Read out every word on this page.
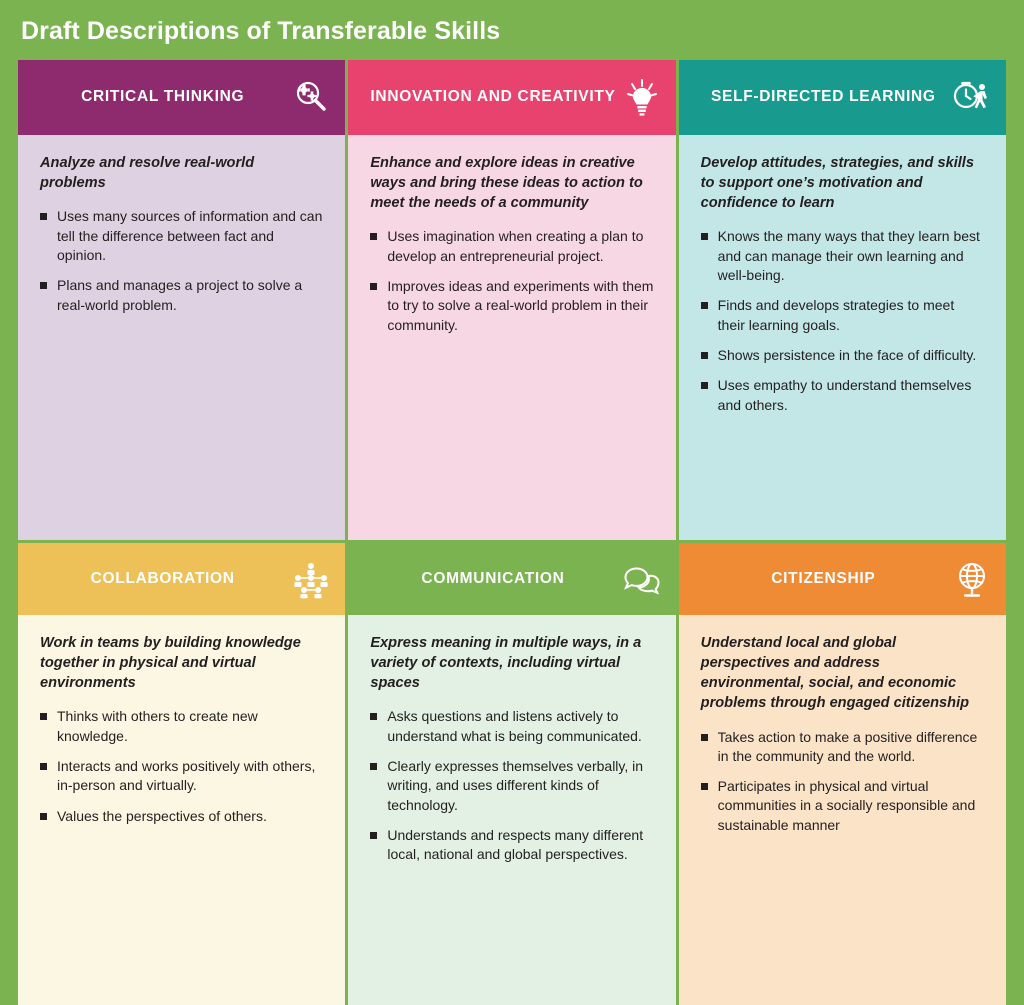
Draft Descriptions of Transferable Skills
CRITICAL THINKING

Analyze and resolve real-world problems

Uses many sources of information and can tell the difference between fact and opinion.
Plans and manages a project to solve a real-world problem.
INNOVATION AND CREATIVITY

Enhance and explore ideas in creative ways and bring these ideas to action to meet the needs of a community

Uses imagination when creating a plan to develop an entrepreneurial project.
Improves ideas and experiments with them to try to solve a real-world problem in their community.
SELF-DIRECTED LEARNING

Develop attitudes, strategies, and skills to support one’s motivation and confidence to learn

Knows the many ways that they learn best and can manage their own learning and well-being.
Finds and develops strategies to meet their learning goals.
Shows persistence in the face of difficulty.
Uses empathy to understand themselves and others.
COLLABORATION

Work in teams by building knowledge together in physical and virtual environments

Thinks with others to create new knowledge.
Interacts and works positively with others, in-person and virtually.
Values the perspectives of others.
COMMUNICATION

Express meaning in multiple ways, in a variety of contexts, including virtual spaces

Asks questions and listens actively to understand what is being communicated.
Clearly expresses themselves verbally, in writing, and uses different kinds of technology.
Understands and respects many different local, national and global perspectives.
CITIZENSHIP

Understand local and global perspectives and address environmental, social, and economic problems through engaged citizenship

Takes action to make a positive difference in the community and the world.
Participates in physical and virtual communities in a socially responsible and sustainable manner
